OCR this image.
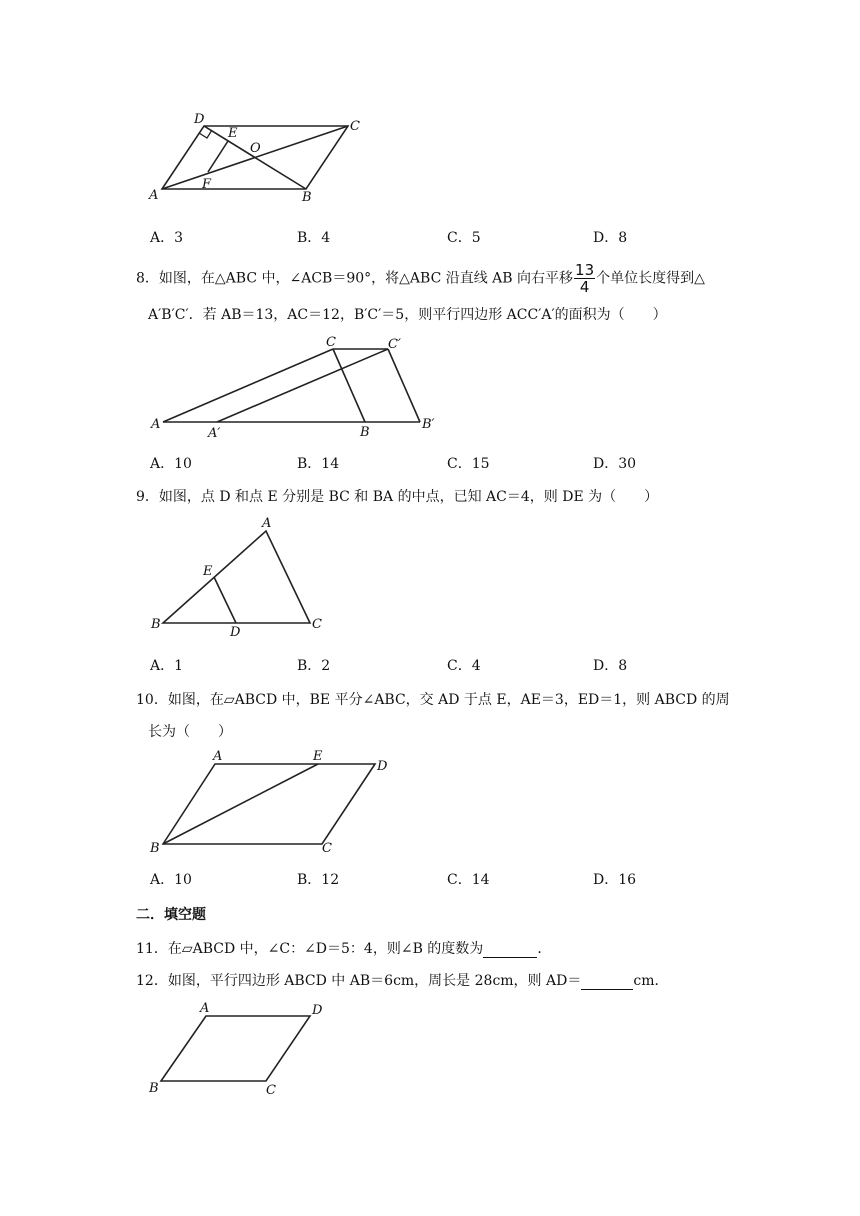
D
E
O
C
F
A	B
A．3	B．4	C．5	D．8
8．如图，在△ABC 中，∠ACB＝90°，将△ABC 沿直线 AB 向右平移 $\frac{13}{4}$ 个单位长度得到△
A′B′C′．若 AB＝13，AC＝12，B′C′＝5，则平行四边形 ACC′A′的面积为（　　）
C	C′
A
A′	B
B′
A．10	B．14	C．15	D．30
9．如图，点 D 和点 E 分别是 BC 和 BA 的中点，已知 AC＝4，则 DE 为（　　）
A
E
B
D
C
A．1	B．2	C．4	D．8
10．如图，在▱ABCD 中，BE 平分∠ABC，交 AD 于点 E，AE＝3，ED＝1，则 ABCD 的周
长为（　　）
A	E
D
B	C
A．10	B．12	C．14	D．16
二．填空题
11．在▱ABCD 中，∠C：∠D＝5：4，则∠B 的度数为	．
12．如图，平行四边形 ABCD 中 AB＝6cm，周长是 28cm，则 AD＝	cm．
A	D
B	C
